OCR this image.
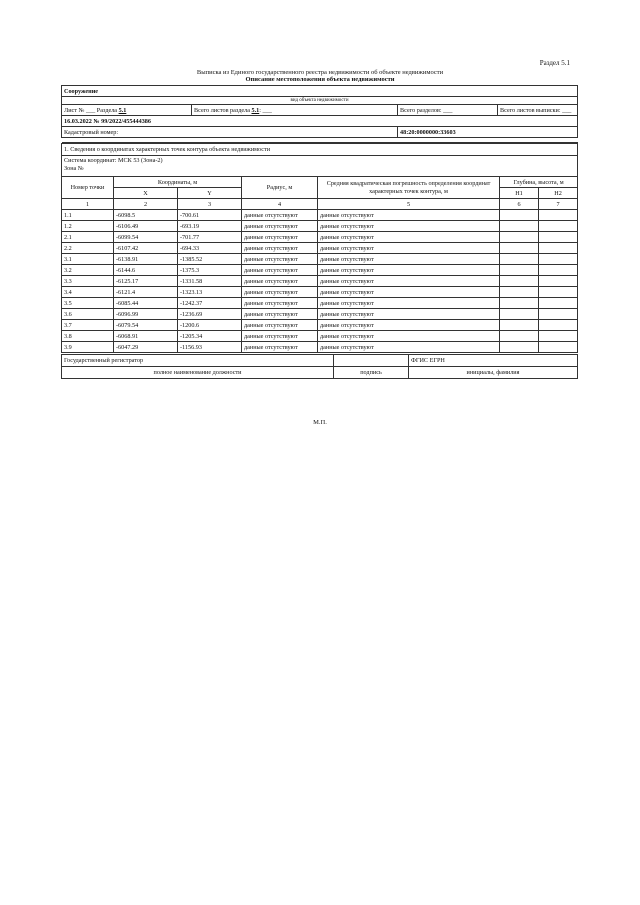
Раздел 5.1
Выписка из Единого государственного реестра недвижимости об объекте недвижимости
Описание местоположения объекта недвижимости
Сооружение			
вид объекта недвижимости			
Лист № ___ Раздела 5.1	Всего листов раздела 5.1: ___	Всего разделов: ___	Всего листов выписки: ___
16.03.2022 № 99/2022/455444386			
Кадастровый номер:		48:20:0000000:33603	

1. Сведения о координатах характерных точек контура объекта недвижимости						

Система координат: МСК 53 (Зона-2)
Зона №						

Номер точки	Координаты, м		Радиус, м	Средняя квадратическая погрешность определения координат характерных точек контура, м	Глубина, высота, м	
	X	Y			H1	H2
1	2	3	4	5	6	7
1.1	-6098.5	-700.61	данные отсутствуют	данные отсутствуют		
1.2	-6106.49	-693.19	данные отсутствуют	данные отсутствуют		
2.1	-6099.54	-701.77	данные отсутствуют	данные отсутствуют		
2.2	-6107.42	-694.33	данные отсутствуют	данные отсутствуют		
3.1	-6138.91	-1385.52	данные отсутствуют	данные отсутствуют		
3.2	-6144.6	-1375.3	данные отсутствуют	данные отсутствуют		
3.3	-6125.17	-1331.58	данные отсутствуют	данные отсутствуют		
3.4	-6121.4	-1323.13	данные отсутствуют	данные отсутствуют		
3.5	-6085.44	-1242.37	данные отсутствуют	данные отсутствуют		
3.6	-6096.99	-1236.69	данные отсутствуют	данные отсутствуют		
3.7	-6079.54	-1200.6	данные отсутствуют	данные отсутствуют		
3.8	-6068.91	-1205.34	данные отсутствуют	данные отсутствуют		
3.9	-6047.29	-1156.93	данные отсутствуют	данные отсутствуют		
Государственный регистратор		ФГИС ЕГРН
полное наименование должности	подпись	инициалы, фамилия
М.П.
